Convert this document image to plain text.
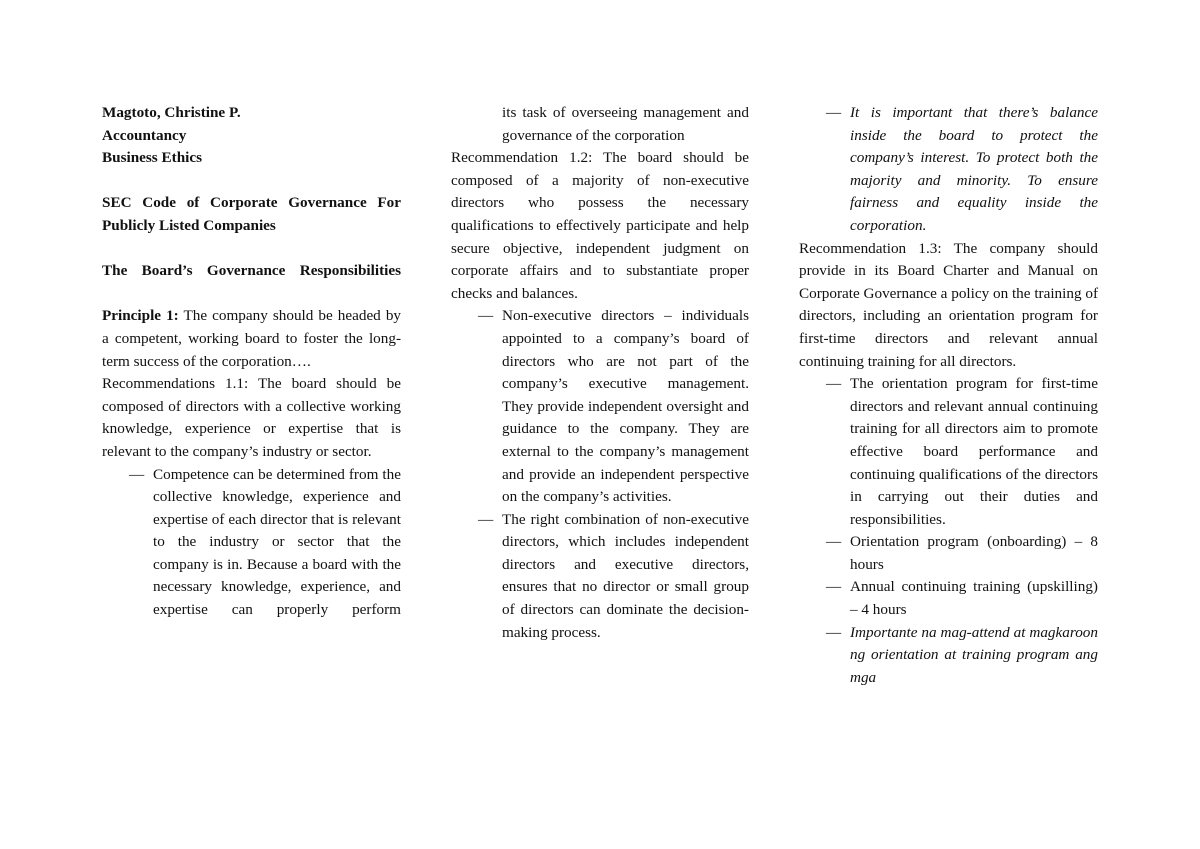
Magtoto, Christine P.

Accountancy

Business Ethics

SEC Code of Corporate Governance For Publicly Listed Companies

The Board’s Governance Responsibilities

Principle 1: The company should be headed by a competent, working board to foster the long-term success of the corporation….

Recommendations 1.1: The board should be composed of directors with a collective working knowledge, experience or expertise that is relevant to the company’s industry or sector.

— Competence can be determined from the collective knowledge, experience and expertise of each director that is relevant to the industry or sector that the company is in. Because a board with the necessary knowledge, experience, and expertise can properly perform

its task of overseeing management and governance of the corporation

Recommendation 1.2: The board should be composed of a majority of non-executive directors who possess the necessary qualifications to effectively participate and help secure objective, independent judgment on corporate affairs and to substantiate proper checks and balances.

— Non-executive directors – individuals appointed to a company’s board of directors who are not part of the company’s executive management. They provide independent oversight and guidance to the company. They are external to the company’s management and provide an independent perspective on the company’s activities.
— The right combination of non-executive directors, which includes independent directors and executive directors, ensures that no director or small group of directors can dominate the decision-making process.
— It is important that there’s balance inside the board to protect the company’s interest. To protect both the majority and minority. To ensure fairness and equality inside the corporation.

Recommendation 1.3: The company should provide in its Board Charter and Manual on Corporate Governance a policy on the training of directors, including an orientation program for first-time directors and relevant annual continuing training for all directors.

— The orientation program for first-time directors and relevant annual continuing training for all directors aim to promote effective board performance and continuing qualifications of the directors in carrying out their duties and responsibilities.
— Orientation program (onboarding) – 8 hours
— Annual continuing training (upskilling) – 4 hours
— Importante na mag-attend at magkaroon ng orientation at training program ang mga
